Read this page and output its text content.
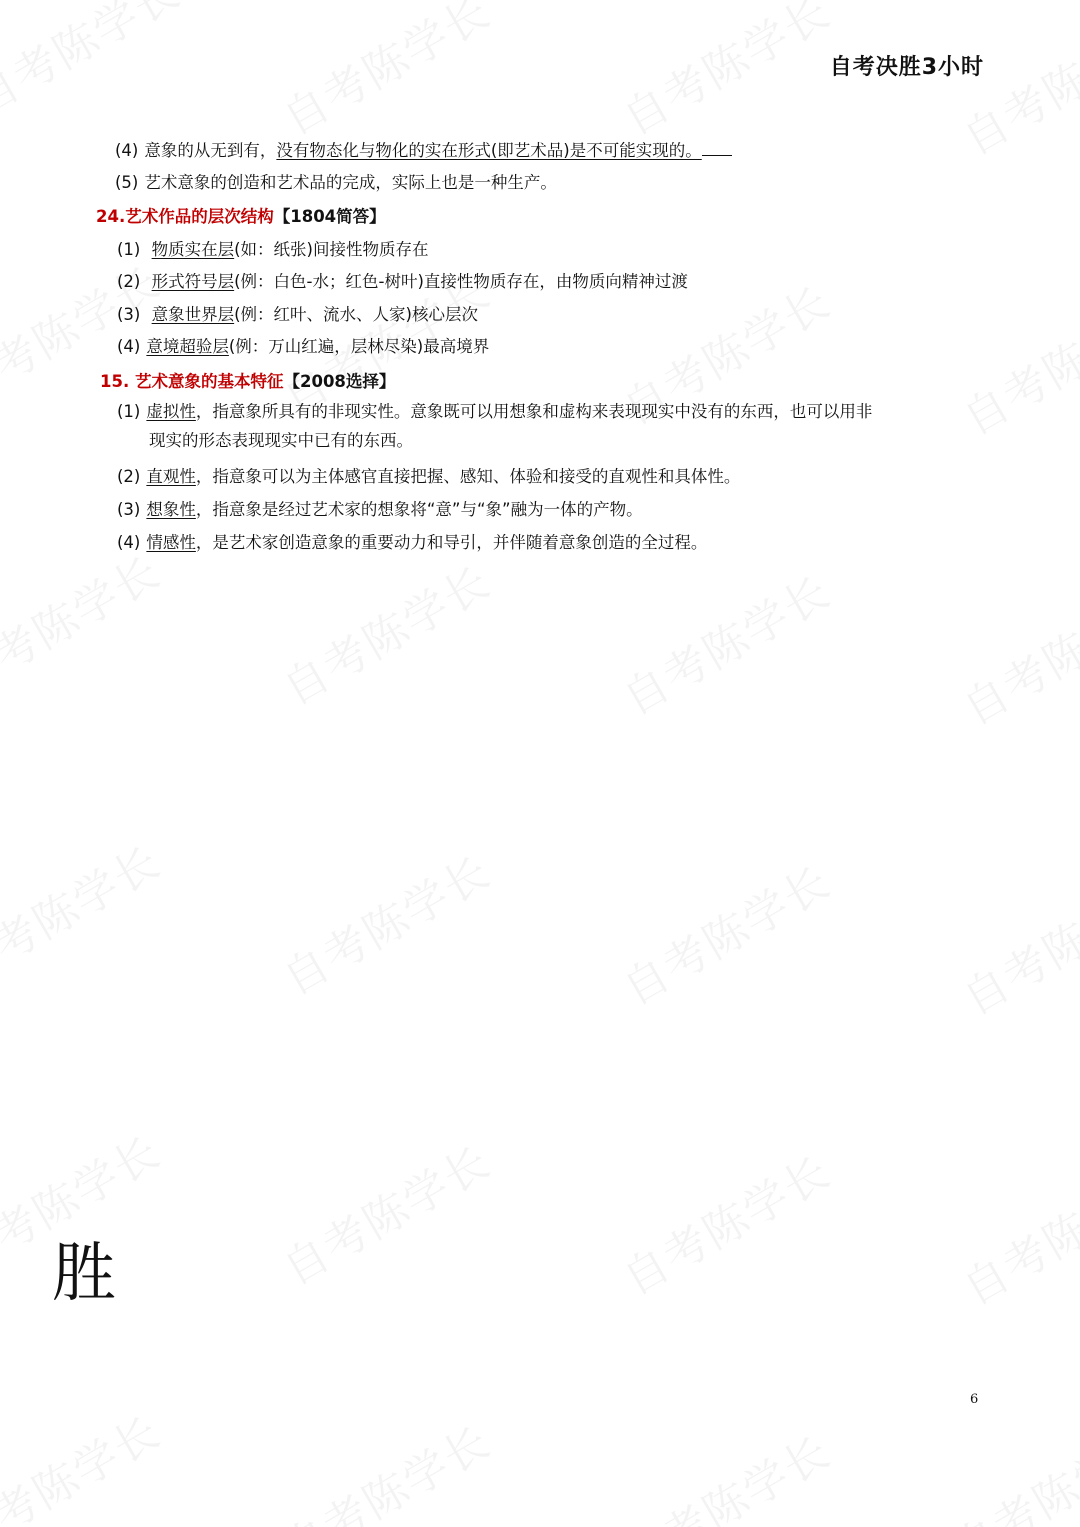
自考决胜3小时
(4) 意象的从无到有，没有物态化与物化的实在形式(即艺术品)是不可能实现的。
(5) 艺术意象的创造和艺术品的完成，实际上也是一种生产。
24.艺术作品的层次结构【1804简答】
(1) 物质实在层(如：纸张)间接性物质存在
(2) 形式符号层(例：白色-水；红色-树叶)直接性物质存在，由物质向精神过渡
(3) 意象世界层(例：红叶、流水、人家)核心层次
(4) 意境超验层(例：万山红遍，层林尽染)最高境界
15. 艺术意象的基本特征【2008选择】
(1) 虚拟性，指意象所具有的非现实性。意象既可以用想象和虚构来表现现实中没有的东西，也可以用非
现实的形态表现现实中已有的东西。
(2) 直观性，指意象可以为主体感官直接把握、感知、体验和接受的直观性和具体性。
(3) 想象性，指意象是经过艺术家的想象将“意”与“象”融为一体的产物。
(4) 情感性，是艺术家创造意象的重要动力和导引，并伴随着意象创造的全过程。
胜
6
